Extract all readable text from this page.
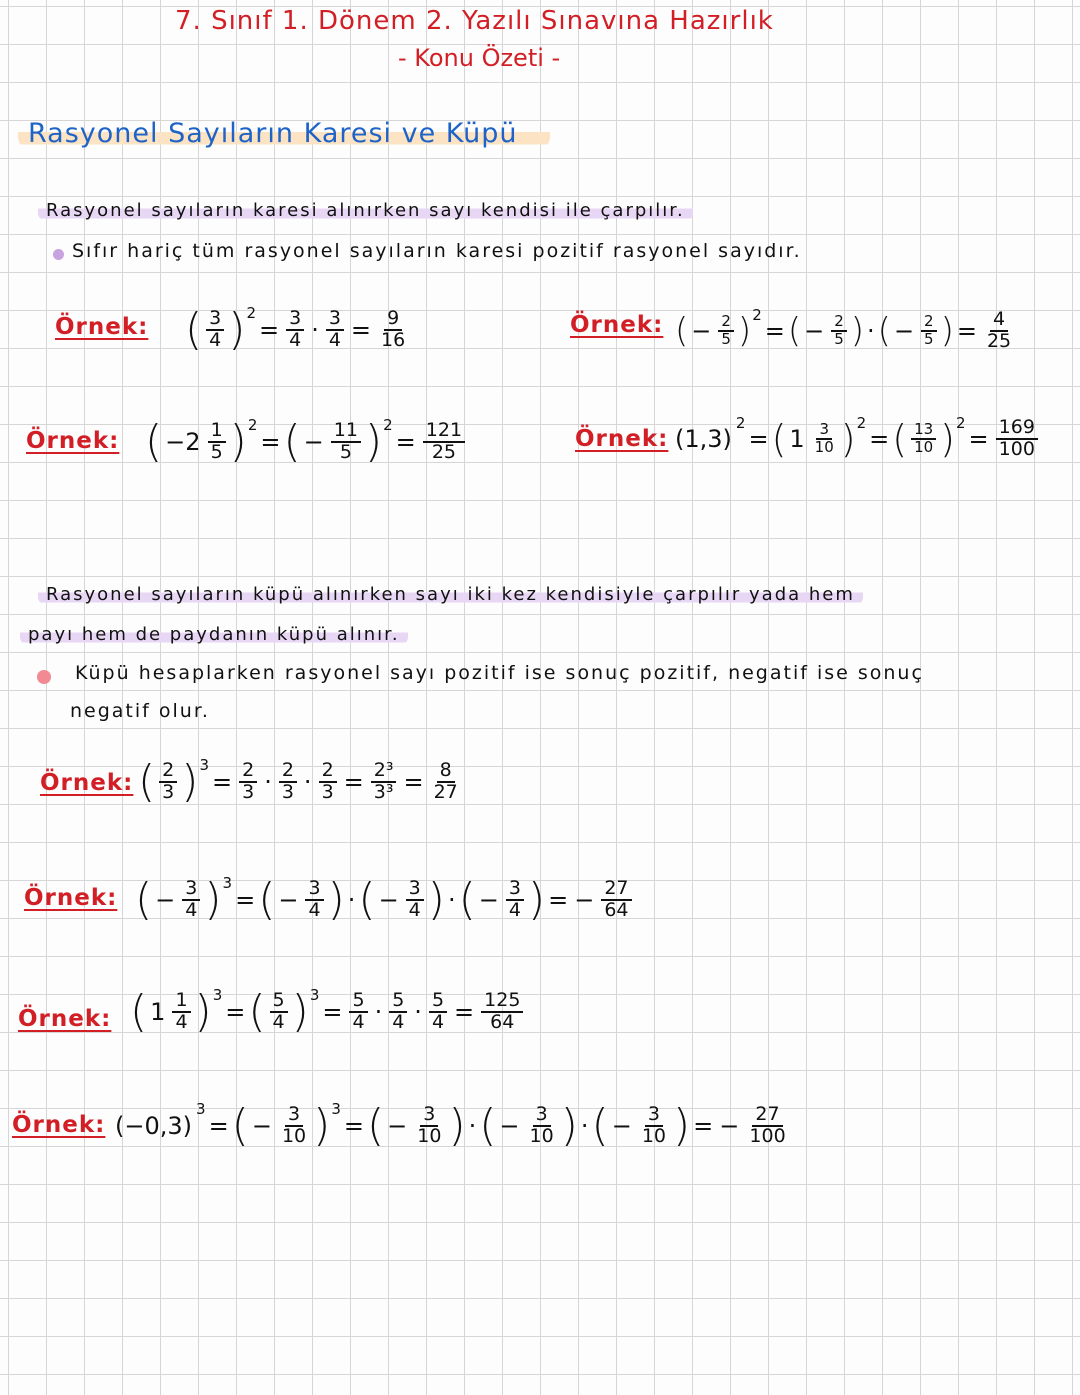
7. Sınıf 1. Dönem 2. Yazılı Sınavına Hazırlık
- Konu Özeti -
Rasyonel Sayıların Karesi ve Küpü
Rasyonel sayıların karesi alınırken sayı kendisi ile çarpılır.
Sıfır hariç tüm rasyonel sayıların karesi pozitif rasyonel sayıdır.
Örnek: ( $\frac{3}{4}$ ) 2
= $\frac{3}{4} \cdot \frac{3}{4} = \frac{9}{16}$	Örnek: ( − $\frac{2}{5}$ ) 2
= ( − $\frac{2}{5}$ ) · ( − $\frac{2}{5}$ ) = $\frac{4}{25}$
Örnek: ( $-2 \frac{1}{5}$ ) 2
= ( − $\frac{11}{5}$ ) 2
= $\frac{121}{25}$	Örnek: (1,3)
2
= ( $1 \frac{3}{10}$ ) 2
= ( $\frac{13}{10}$ ) 2
= $\frac{169}{100}$
Rasyonel sayıların küpü alınırken sayı iki kez kendisiyle çarpılır yada hem
payı hem de paydanın küpü alınır.
Küpü hesaplarken rasyonel sayı pozitif ise sonuç pozitif, negatif ise sonuç
negatif olur.
Örnek: ( $\frac{2}{3}$ ) 3
= $\frac{2}{3} \cdot \frac{2}{3} \cdot \frac{2}{3} = \frac{\text{2³}}{\text{3³}} = \frac{8}{27}$
Örnek: ( − $\frac{3}{4}$ ) 3
= ( − $\frac{3}{4}$ ) · ( − $\frac{3}{4}$ ) · ( − $\frac{3}{4}$ ) = − $\frac{27}{64}$
Örnek: ( $1 \frac{1}{4}$ ) 3
= ( $\frac{5}{4}$ ) 3
= $\frac{5}{4} \cdot \frac{5}{4} \cdot \frac{5}{4} = \frac{125}{64}$
Örnek: (−0,3)
3
= ( − $\frac{3}{10}$ ) 3
= ( − $\frac{3}{10}$ ) · ( − $\frac{3}{10}$ ) · ( − $\frac{3}{10}$ ) = − $\frac{27}{100}$
